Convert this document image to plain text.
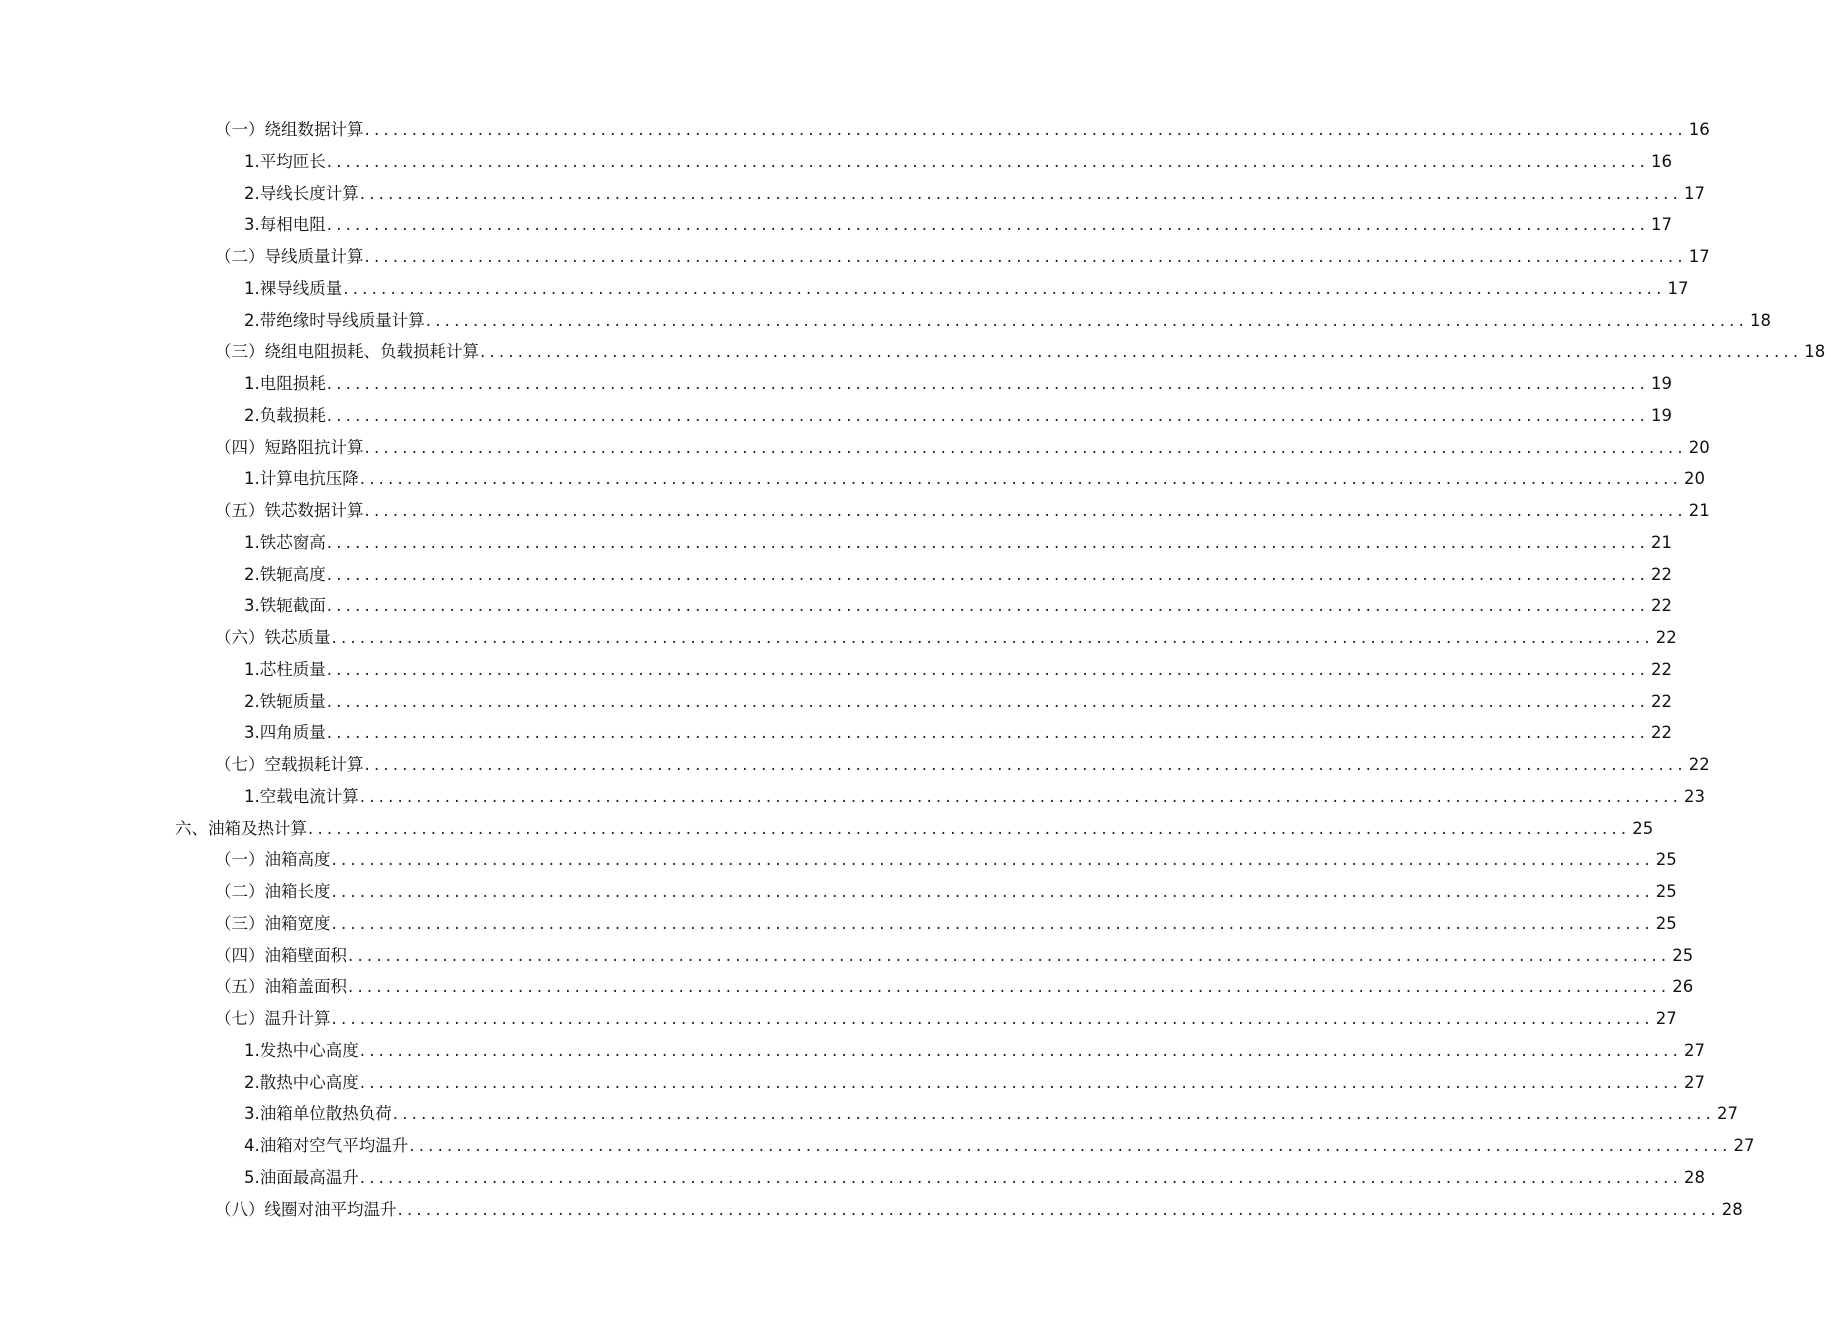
（一） 绕组数据计算 ............................................................................................................................................ 16
1. 平均匝长 ............................................................................................................................................ 16
2. 导线长度计算 ............................................................................................................................................ 17
3. 每相电阻 ............................................................................................................................................ 17
（二） 导线质量计算 ............................................................................................................................................ 17
1. 裸导线质量 ............................................................................................................................................ 17
2. 带绝缘时导线质量计算 ............................................................................................................................................ 18
（三） 绕组电阻损耗、负载损耗计算 ............................................................................................................................................ 18
1. 电阻损耗 ............................................................................................................................................ 19
2. 负载损耗 ............................................................................................................................................ 19
（四） 短路阻抗计算 ............................................................................................................................................ 20
1. 计算电抗压降 ............................................................................................................................................ 20
（五） 铁芯数据计算 ............................................................................................................................................ 21
1. 铁芯窗高 ............................................................................................................................................ 21
2. 铁轭高度 ............................................................................................................................................ 22
3. 铁轭截面 ............................................................................................................................................ 22
（六） 铁芯质量 ............................................................................................................................................ 22
1. 芯柱质量 ............................................................................................................................................ 22
2. 铁轭质量 ............................................................................................................................................ 22
3. 四角质量 ............................................................................................................................................ 22
（七） 空载损耗计算 ............................................................................................................................................ 22
1. 空载电流计算 ............................................................................................................................................ 23
六、 油箱及热计算 ............................................................................................................................................ 25
（一） 油箱高度 ............................................................................................................................................ 25
（二） 油箱长度 ............................................................................................................................................ 25
（三） 油箱宽度 ............................................................................................................................................ 25
（四） 油箱壁面积 ............................................................................................................................................ 25
（五） 油箱盖面积 ............................................................................................................................................ 26
（七） 温升计算 ............................................................................................................................................ 27
1. 发热中心高度 ............................................................................................................................................ 27
2. 散热中心高度 ............................................................................................................................................ 27
3. 油箱单位散热负荷 ............................................................................................................................................ 27
4. 油箱对空气平均温升 ............................................................................................................................................ 27
5. 油面最高温升 ............................................................................................................................................ 28
（八） 线圈对油平均温升 ............................................................................................................................................ 28
